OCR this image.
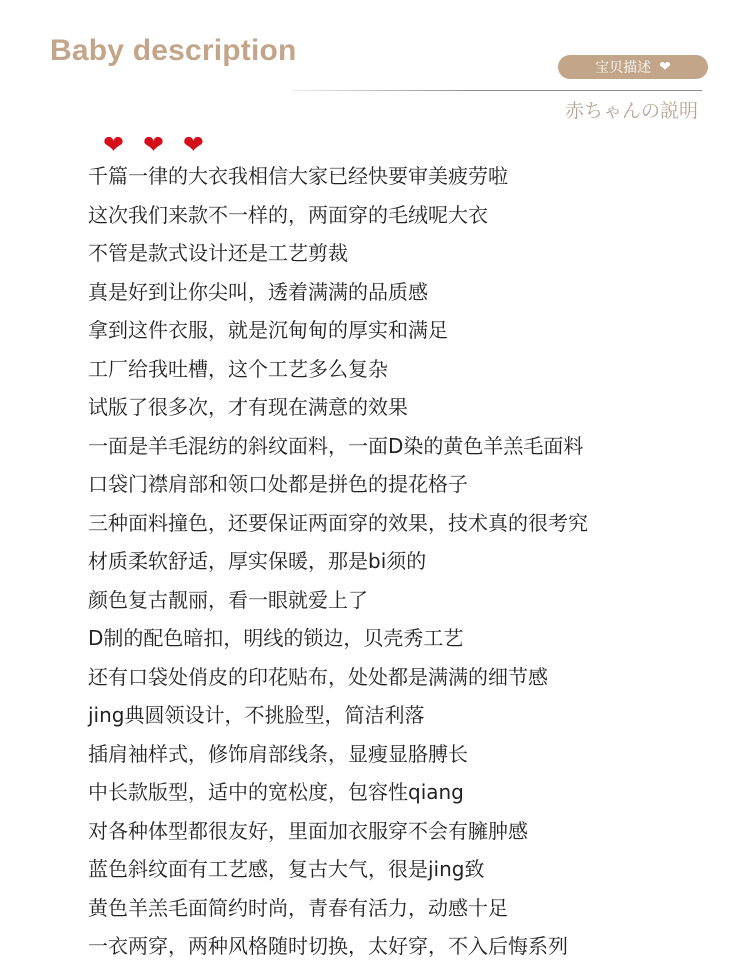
Baby description
宝贝描述 ❤
赤ちゃんの説明
❤ ❤ ❤
千篇一律的大衣我相信大家已经快要审美疲劳啦
这次我们来款不一样的，两面穿的毛绒呢大衣
不管是款式设计还是工艺剪裁
真是好到让你尖叫，透着满满的品质感
拿到这件衣服，就是沉甸甸的厚实和满足
工厂给我吐槽，这个工艺多么复杂
试版了很多次，才有现在满意的效果
一面是羊毛混纺的斜纹面料，一面D染的黄色羊羔毛面料
口袋门襟肩部和领口处都是拼色的提花格子
三种面料撞色，还要保证两面穿的效果，技术真的很考究
材质柔软舒适，厚实保暖，那是bi须的
颜色复古靓丽，看一眼就爱上了
D制的配色暗扣，明线的锁边，贝壳秀工艺
还有口袋处俏皮的印花贴布，处处都是满满的细节感
jing典圆领设计，不挑脸型，简洁利落
插肩袖样式，修饰肩部线条，显瘦显胳膊长
中长款版型，适中的宽松度，包容性qiang
对各种体型都很友好，里面加衣服穿不会有臃肿感
蓝色斜纹面有工艺感，复古大气，很是jing致
黄色羊羔毛面简约时尚，青春有活力，动感十足
一衣两穿，两种风格随时切换，太好穿，不入后悔系列
